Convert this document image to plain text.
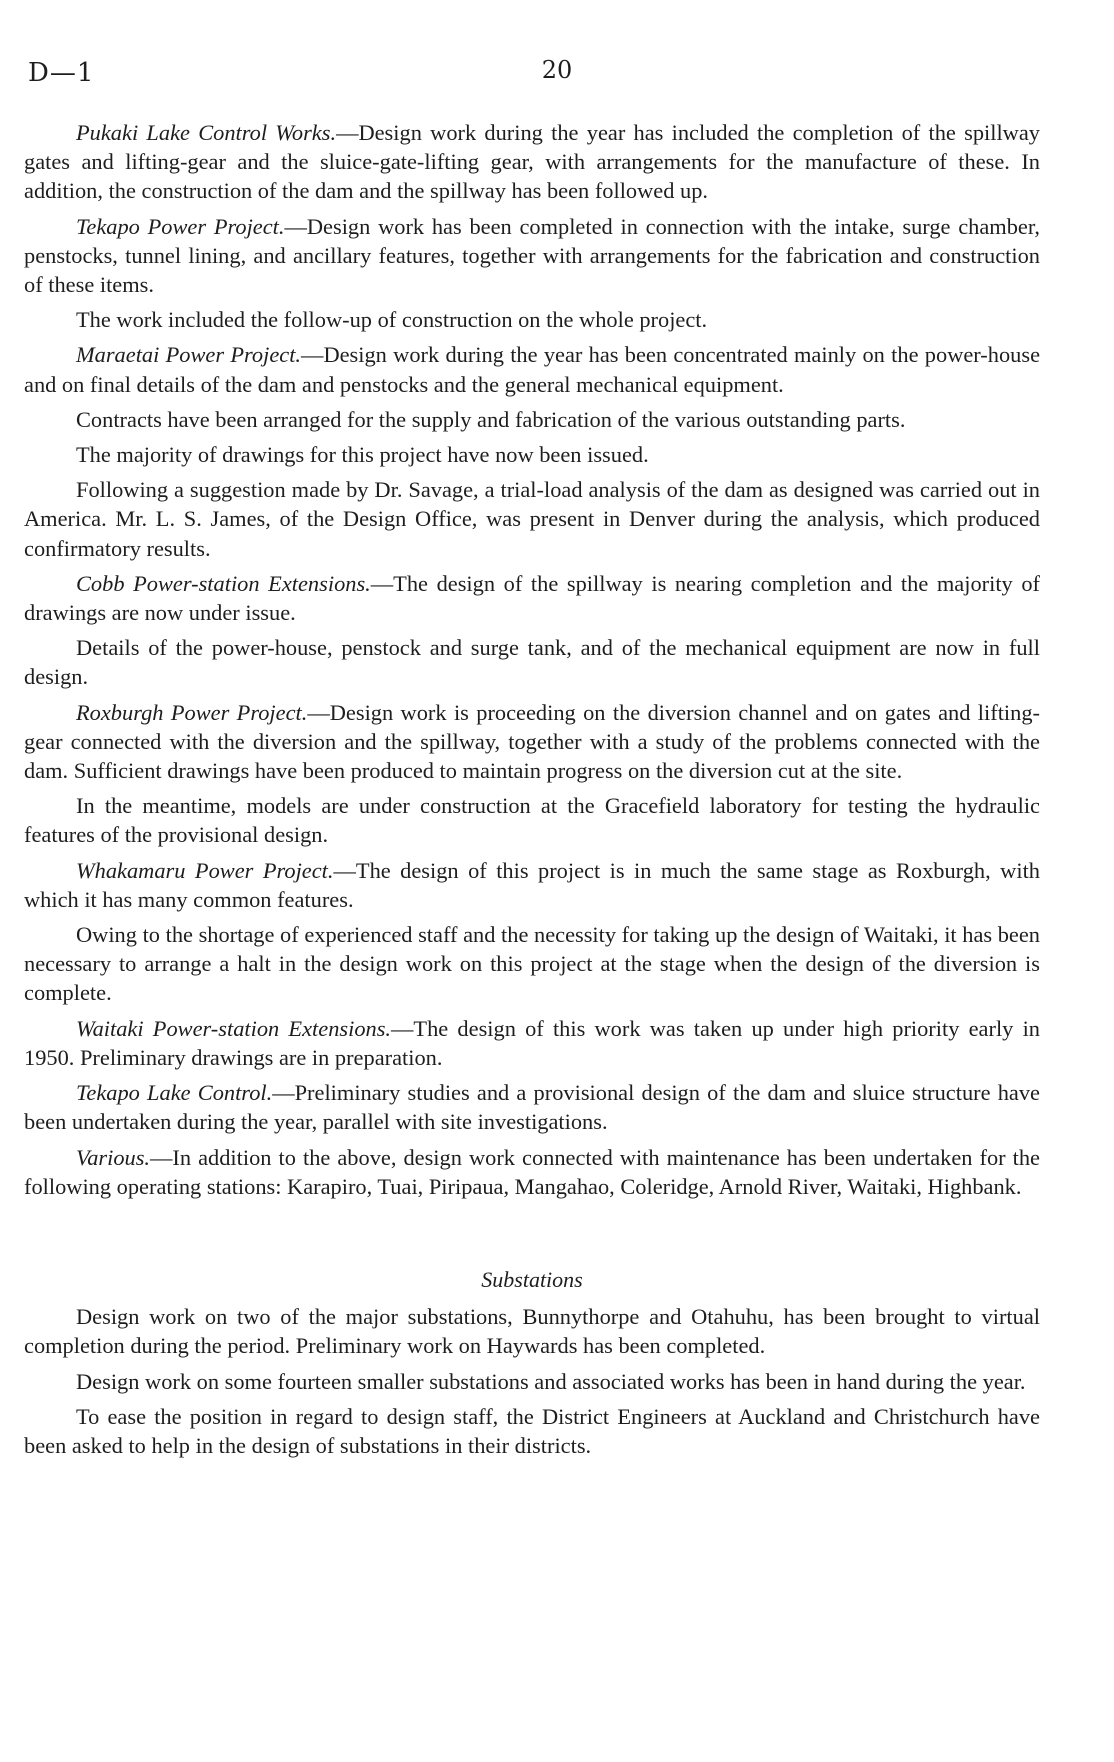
D—1	20

Pukaki Lake Control Works.—Design work during the year has included the completion of the spillway gates and lifting-gear and the sluice-gate-lifting gear, with arrangements for the manufacture of these. In addition, the construction of the dam and the spillway has been followed up.

Tekapo Power Project.—Design work has been completed in connection with the intake, surge chamber, penstocks, tunnel lining, and ancillary features, together with arrangements for the fabrication and construction of these items.

The work included the follow-up of construction on the whole project.

Maraetai Power Project.—Design work during the year has been concentrated mainly on the power-house and on final details of the dam and penstocks and the general mechanical equipment.

Contracts have been arranged for the supply and fabrication of the various outstanding parts.

The majority of drawings for this project have now been issued.

Following a suggestion made by Dr. Savage, a trial-load analysis of the dam as designed was carried out in America. Mr. L. S. James, of the Design Office, was present in Denver during the analysis, which produced confirmatory results.

Cobb Power-station Extensions.—The design of the spillway is nearing completion and the majority of drawings are now under issue.

Details of the power-house, penstock and surge tank, and of the mechanical equipment are now in full design.

Roxburgh Power Project.—Design work is proceeding on the diversion channel and on gates and lifting-gear connected with the diversion and the spillway, together with a study of the problems connected with the dam. Sufficient drawings have been produced to maintain progress on the diversion cut at the site.

In the meantime, models are under construction at the Gracefield laboratory for testing the hydraulic features of the provisional design.

Whakamaru Power Project.—The design of this project is in much the same stage as Roxburgh, with which it has many common features.

Owing to the shortage of experienced staff and the necessity for taking up the design of Waitaki, it has been necessary to arrange a halt in the design work on this project at the stage when the design of the diversion is complete.

Waitaki Power-station Extensions.—The design of this work was taken up under high priority early in 1950. Preliminary drawings are in preparation.

Tekapo Lake Control.—Preliminary studies and a provisional design of the dam and sluice structure have been undertaken during the year, parallel with site investigations.

Various.—In addition to the above, design work connected with maintenance has been undertaken for the following operating stations: Karapiro, Tuai, Piripaua, Mangahao, Coleridge, Arnold River, Waitaki, Highbank.

Substations

Design work on two of the major substations, Bunnythorpe and Otahuhu, has been brought to virtual completion during the period. Preliminary work on Haywards has been completed.

Design work on some fourteen smaller substations and associated works has been in hand during the year.

To ease the position in regard to design staff, the District Engineers at Auckland and Christchurch have been asked to help in the design of substations in their districts.
